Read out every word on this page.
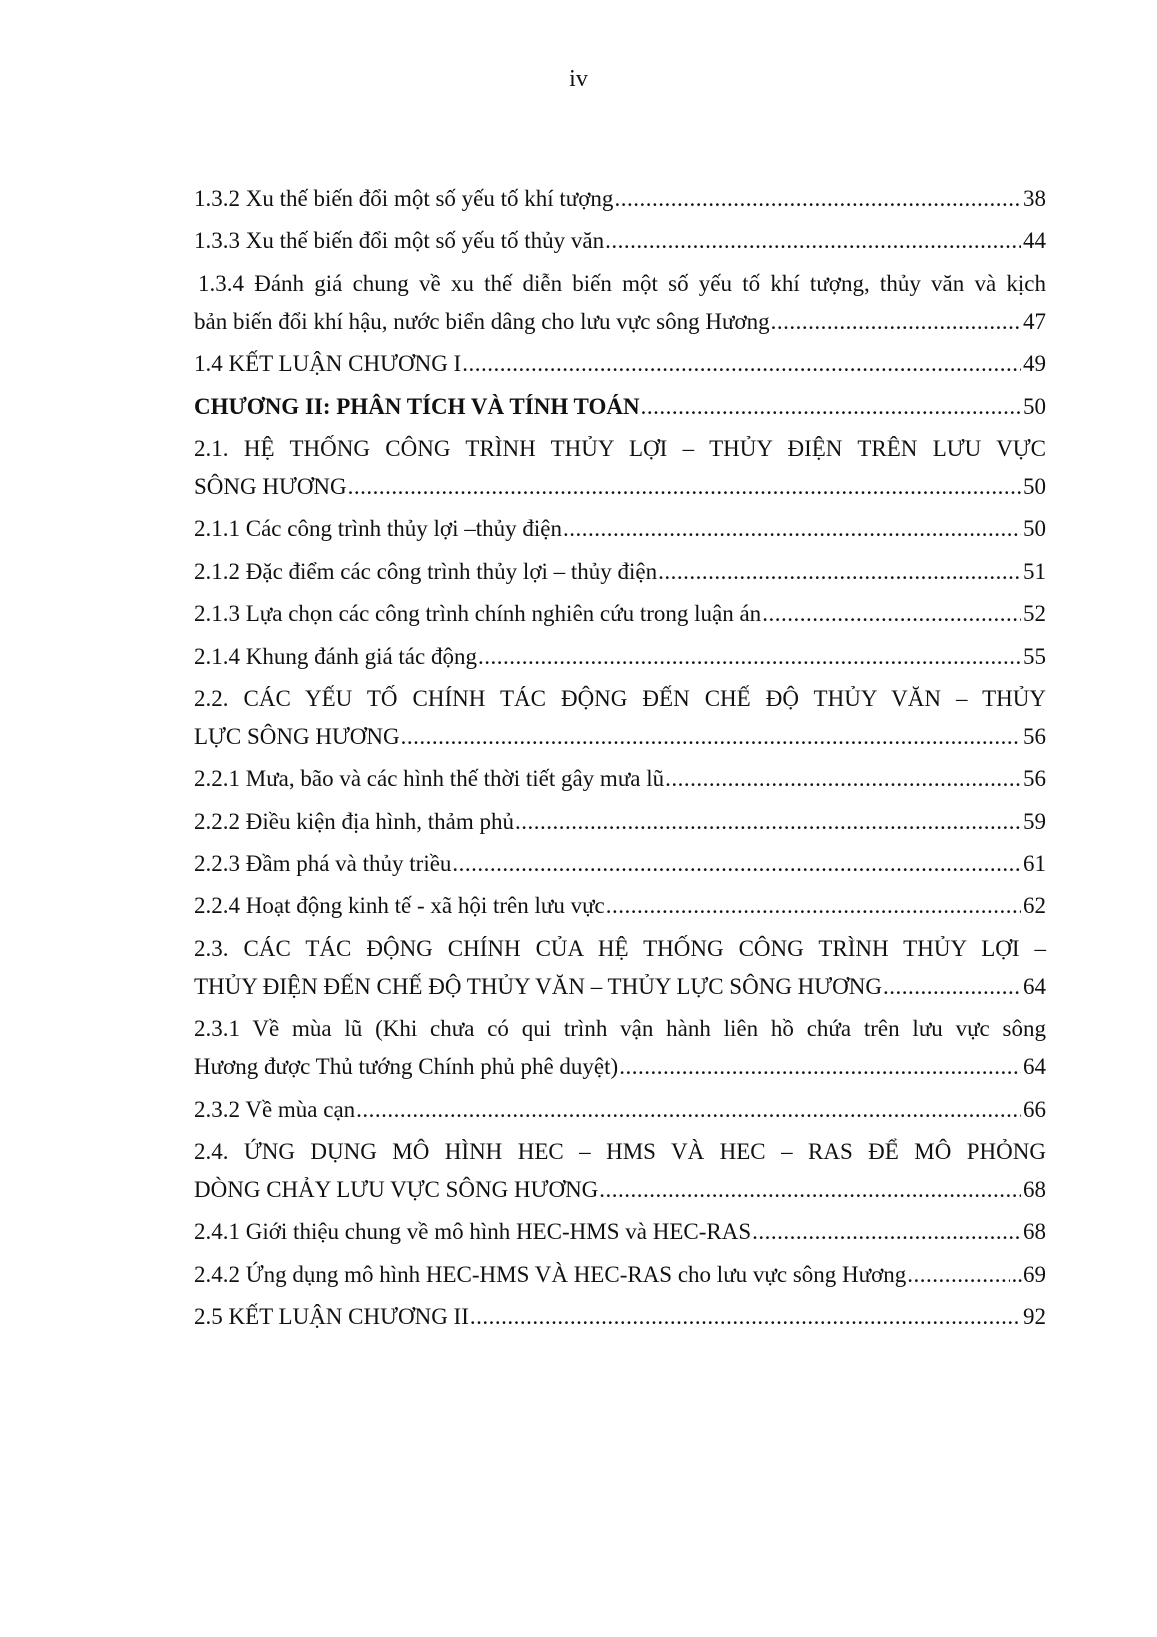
iv
1.3.2 Xu thế biến đổi một số yếu tố khí tượng .....	38
1.3.3 Xu thế biến đổi một số yếu tố thủy văn .....	44
1.3.4 Đánh giá chung về xu thế diễn biến một số yếu tố khí tượng, thủy văn và kịch
bản biến đổi khí hậu, nước biển dâng cho lưu vực sông Hương .....	47
1.4 KẾT LUẬN CHƯƠNG I .....	49
CHƯƠNG II: PHÂN TÍCH VÀ TÍNH TOÁN .....	50
2.1. HỆ THỐNG CÔNG TRÌNH THỦY LỢI – THỦY ĐIỆN TRÊN LƯU VỰC
SÔNG HƯƠNG .....	50
2.1.1 Các công trình thủy lợi –thủy điện .....	50
2.1.2 Đặc điểm các công trình thủy lợi – thủy điện .....	51
2.1.3 Lựa chọn các công trình chính nghiên cứu trong luận án .....	52
2.1.4 Khung đánh giá tác động .....	55
2.2. CÁC YẾU TỐ CHÍNH TÁC ĐỘNG ĐẾN CHẾ ĐỘ THỦY VĂN – THỦY
LỰC SÔNG HƯƠNG .....	56
2.2.1 Mưa, bão và các hình thế thời tiết gây mưa lũ .....	56
2.2.2 Điều kiện địa hình, thảm phủ .....	59
2.2.3 Đầm phá và thủy triều .....	61
2.2.4 Hoạt động kinh tế - xã hội trên lưu vực .....	62
2.3. CÁC TÁC ĐỘNG CHÍNH CỦA HỆ THỐNG CÔNG TRÌNH THỦY LỢI –
THỦY ĐIỆN ĐẾN CHẾ ĐỘ THỦY VĂN – THỦY LỰC SÔNG HƯƠNG .....	64
2.3.1 Về mùa lũ (Khi chưa có qui trình vận hành liên hồ chứa trên lưu vực sông
Hương được Thủ tướng Chính phủ phê duyệt) .....	64
2.3.2 Về mùa cạn .....	66
2.4. ỨNG DỤNG MÔ HÌNH HEC – HMS VÀ HEC – RAS ĐỂ MÔ PHỎNG
DÒNG CHẢY LƯU VỰC SÔNG HƯƠNG .....	68
2.4.1 Giới thiệu chung về mô hình HEC-HMS và HEC-RAS .....	68
2.4.2 Ứng dụng mô hình HEC-HMS VÀ HEC-RAS cho lưu vực sông Hương .....	..69
2.5 KẾT LUẬN CHƯƠNG II .....	92
